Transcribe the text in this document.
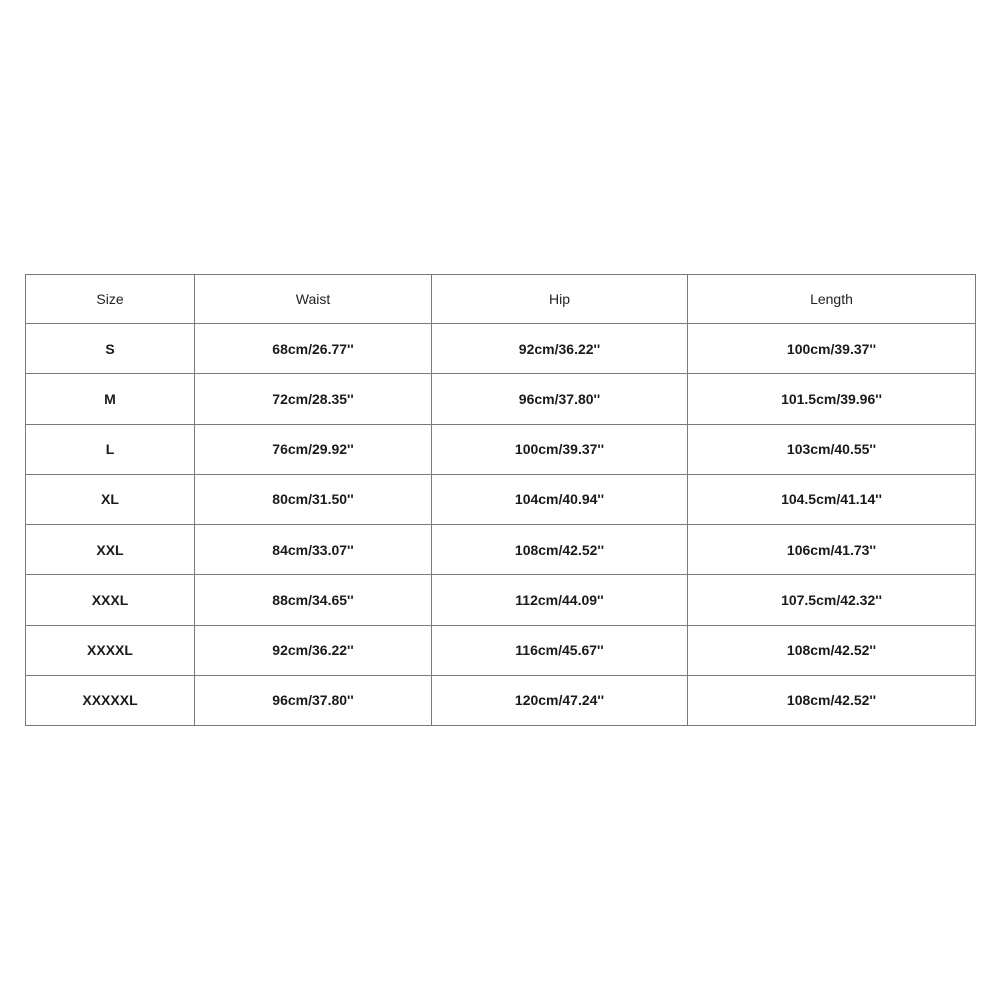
Size	Waist	Hip	Length
S	68cm/26.77''	92cm/36.22''	100cm/39.37''
M	72cm/28.35''	96cm/37.80''	101.5cm/39.96''
L	76cm/29.92''	100cm/39.37''	103cm/40.55''
XL	80cm/31.50''	104cm/40.94''	104.5cm/41.14''
XXL	84cm/33.07''	108cm/42.52''	106cm/41.73''
XXXL	88cm/34.65''	112cm/44.09''	107.5cm/42.32''
XXXXL	92cm/36.22''	116cm/45.67''	108cm/42.52''
XXXXXL	96cm/37.80''	120cm/47.24''	108cm/42.52''
